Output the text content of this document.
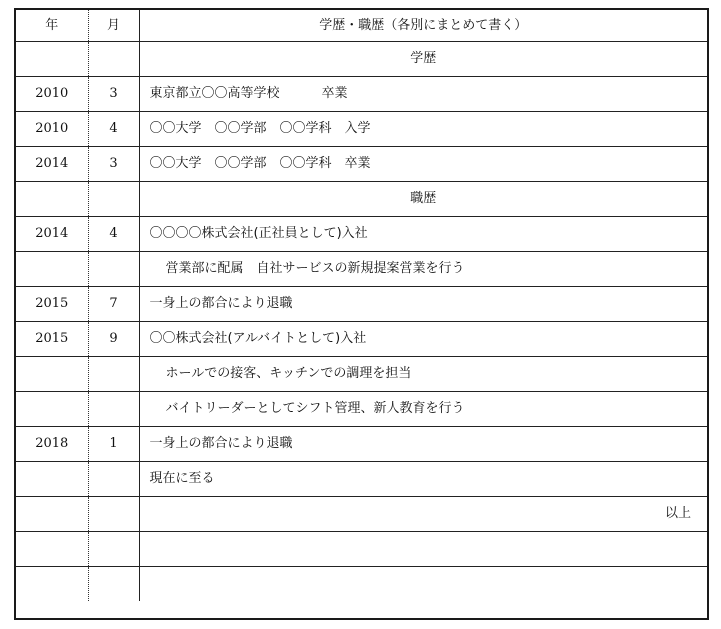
年	月	学歴・職歴（各別にまとめて書く）
		学歴
2010	3	東京都立〇〇高等学校 卒業
2010	4	〇〇大学　〇〇学部　〇〇学科　入学
2014	3	〇〇大学　〇〇学部　〇〇学科　卒業
		職歴
2014	4	〇〇〇〇株式会社(正社員として)入社
		営業部に配属　自社サービスの新規提案営業を行う
2015	7	一身上の都合により退職
2015	9	〇〇株式会社(アルバイトとして)入社
		ホールでの接客、キッチンでの調理を担当
		バイトリーダーとしてシフト管理、新人教育を行う
2018	1	一身上の都合により退職
		現在に至る
		以上
